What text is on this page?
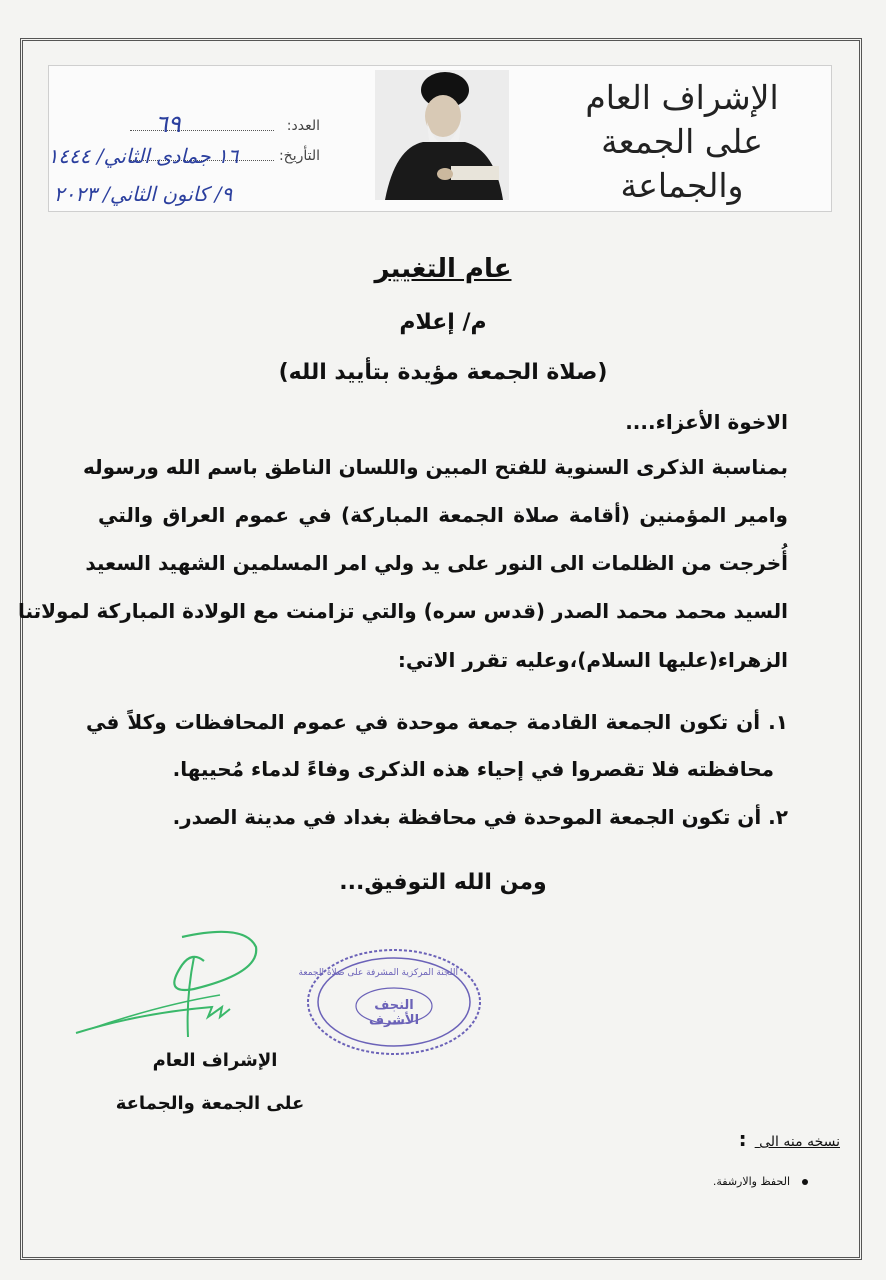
الإشراف العام
على الجمعة والجماعة
العدد:
التأريخ:
٦٩
١٦ جمادى الثاني/ ١٤٤٤
٩/ كانون الثاني/ ٢٠٢٣
عام التغيير
م/ إعلام
(صلاة الجمعة مؤيدة بتأييد الله)
الاخوة الأعزاء....
بمناسبة الذكرى السنوية للفتح المبين واللسان الناطق باسم الله ورسوله
وامير المؤمنين (أقامة صلاة الجمعة المباركة) في عموم العراق والتي
أُخرجت من الظلمات الى النور على يد ولي امر المسلمين الشهيد السعيد
السيد محمد محمد الصدر (قدس سره) والتي تزامنت مع الولادة المباركة لمولاتنا
الزهراء(عليها السلام)،وعليه تقرر الاتي:
١. أن تكون الجمعة القادمة جمعة موحدة في عموم المحافظات وكلاً في
محافظته فلا تقصروا في إحياء هذه الذكرى وفاءً لدماء مُحييها.
٢. أن تكون الجمعة الموحدة في محافظة بغداد في مدينة الصدر.
ومن الله التوفيق...
اللجنة المركزية المشرفة على صلاة الجمعة
النجف الأشرف
الإشراف العام
على الجمعة والجماعة
نسخه منه الى :
الحفظ والارشفة.
